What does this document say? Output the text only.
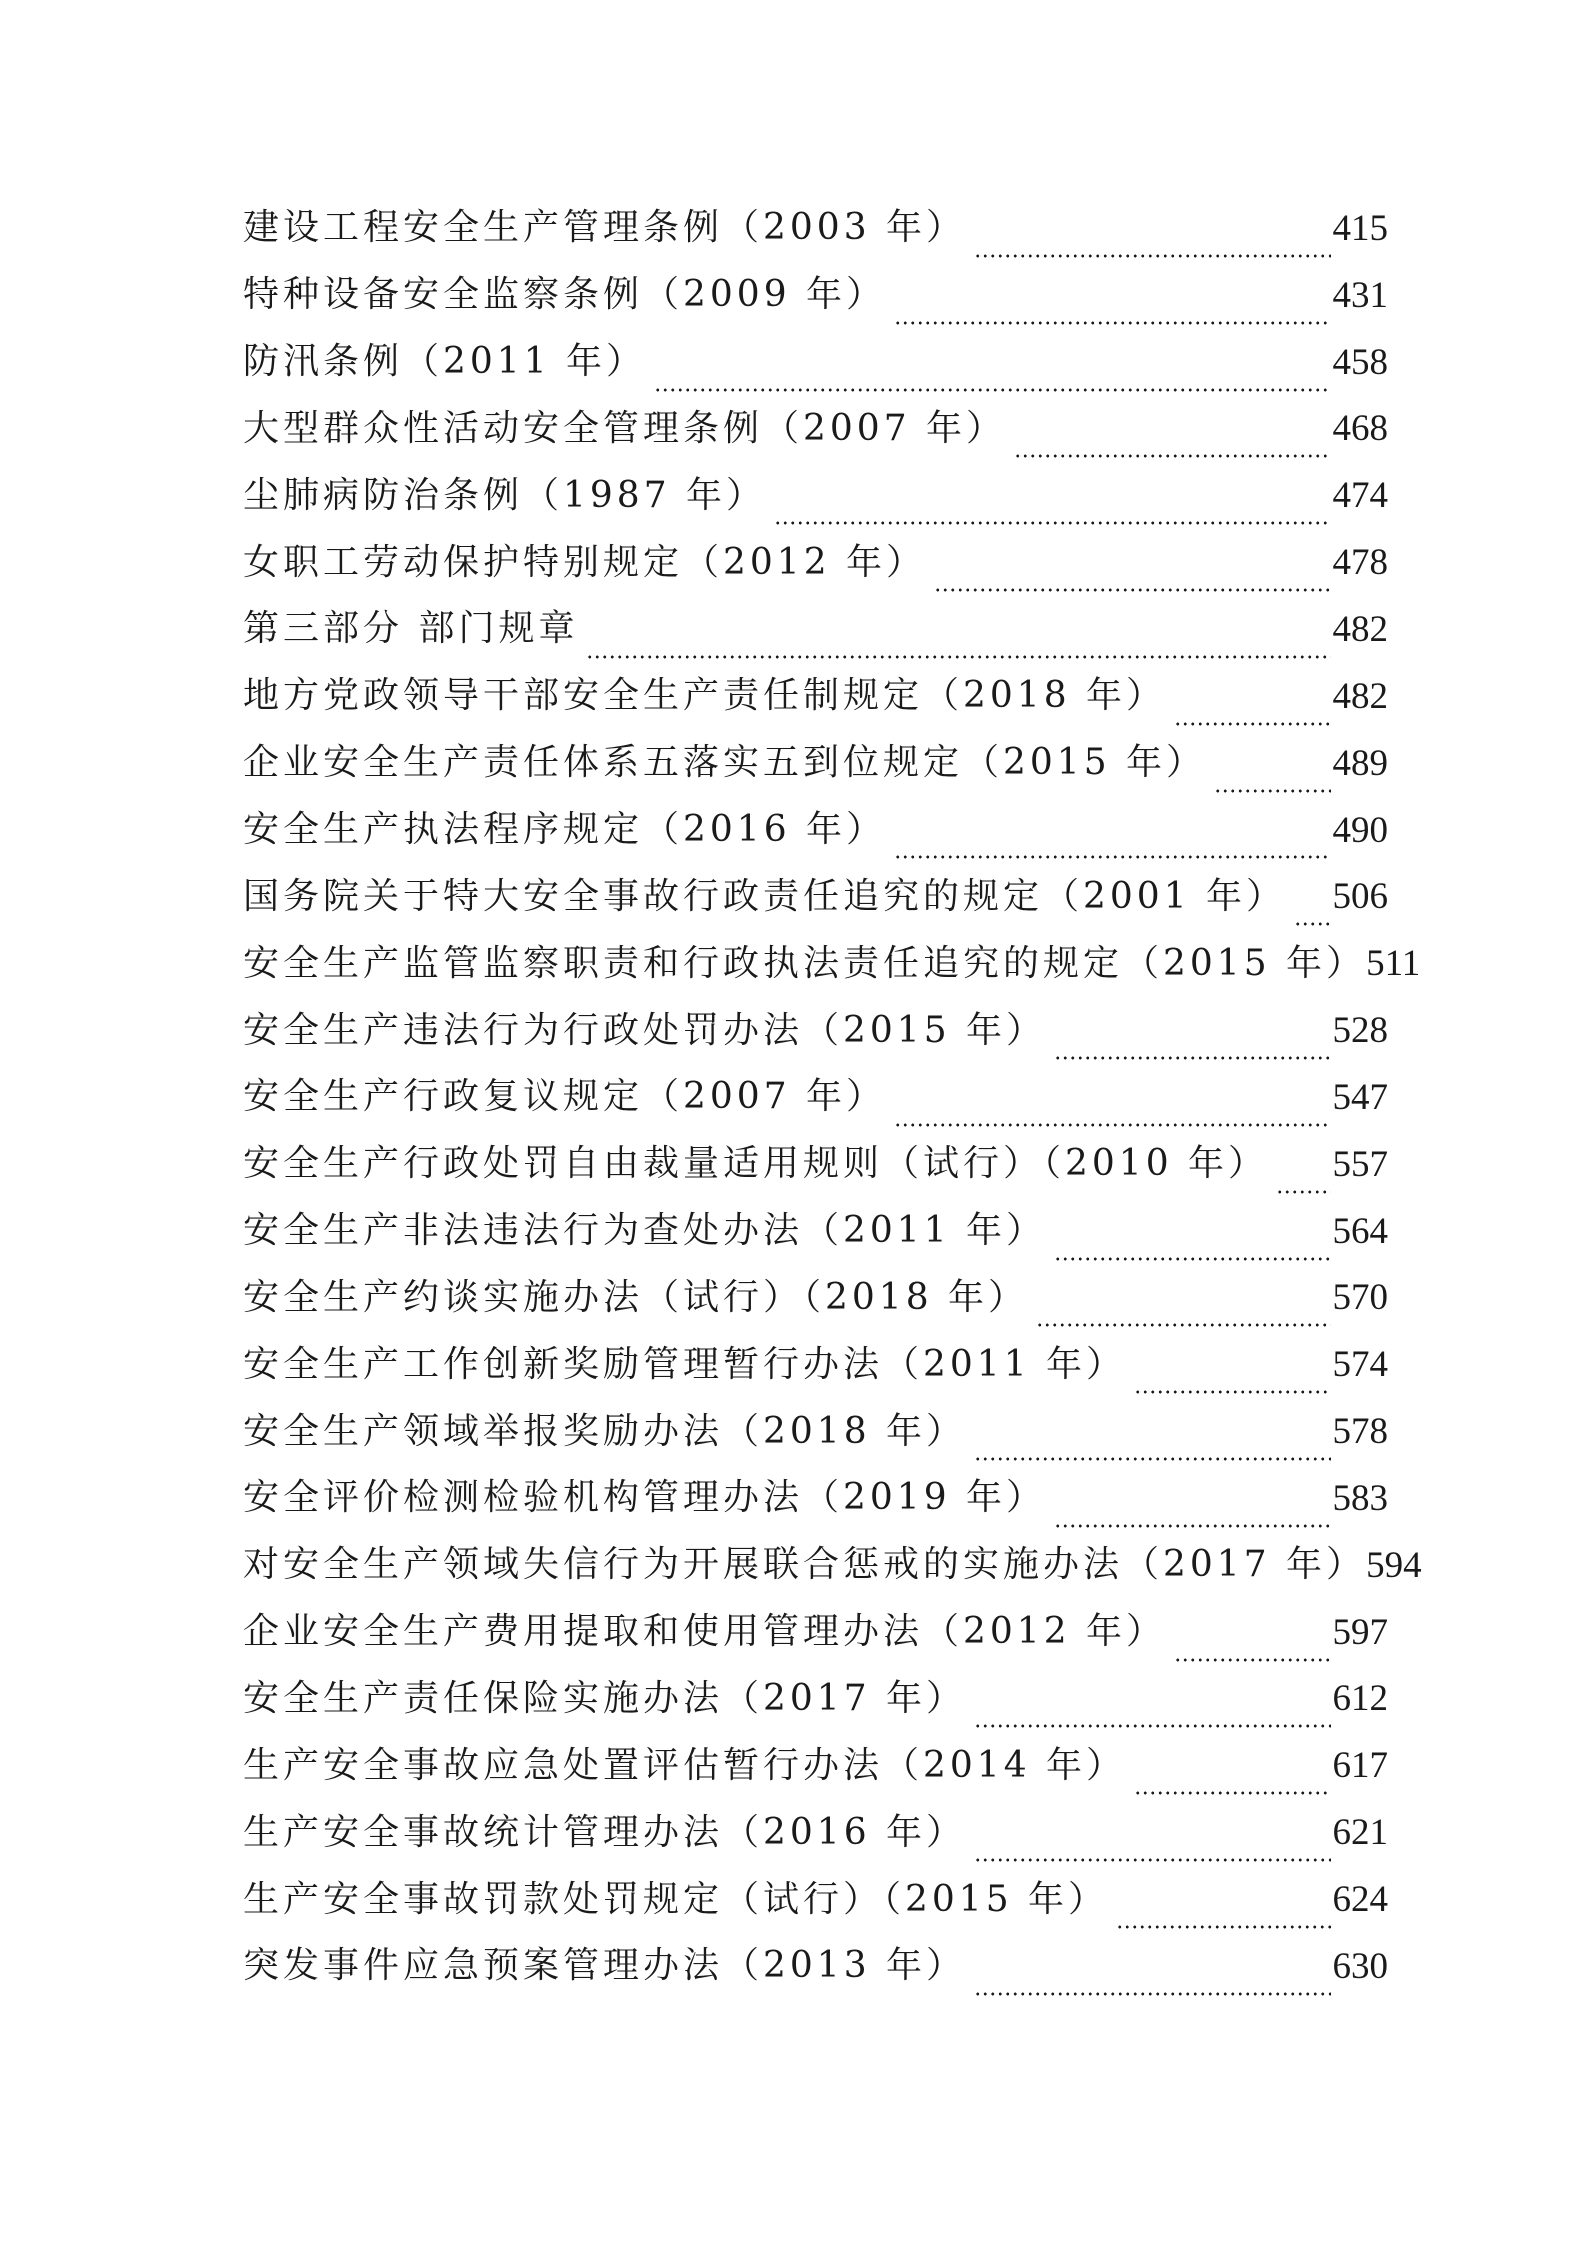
建设工程安全生产管理条例（2003 年）	415
特种设备安全监察条例（2009 年）	431
防汛条例（2011 年）	458
大型群众性活动安全管理条例（2007 年）	468
尘肺病防治条例（1987 年）	474
女职工劳动保护特别规定（2012 年）	478
第三部分 部门规章	482
地方党政领导干部安全生产责任制规定（2018 年）	482
企业安全生产责任体系五落实五到位规定（2015 年）	489
安全生产执法程序规定（2016 年）	490
国务院关于特大安全事故行政责任追究的规定（2001 年） 506
安全生产监管监察职责和行政执法责任追究的规定（2015 年） 511
安全生产违法行为行政处罚办法（2015 年）	528
安全生产行政复议规定（2007 年）	547
安全生产行政处罚自由裁量适用规则（试行）（2010 年） 557
安全生产非法违法行为查处办法（2011 年）	564
安全生产约谈实施办法（试行）（2018 年）	570
安全生产工作创新奖励管理暂行办法（2011 年）	574
安全生产领域举报奖励办法（2018 年）	578
安全评价检测检验机构管理办法（2019 年）	583
对安全生产领域失信行为开展联合惩戒的实施办法（2017 年） 594
企业安全生产费用提取和使用管理办法（2012 年）	597
安全生产责任保险实施办法（2017 年）	612
生产安全事故应急处置评估暂行办法（2014 年）	617
生产安全事故统计管理办法（2016 年）	621
生产安全事故罚款处罚规定（试行）（2015 年）	624
突发事件应急预案管理办法（2013 年）	630
